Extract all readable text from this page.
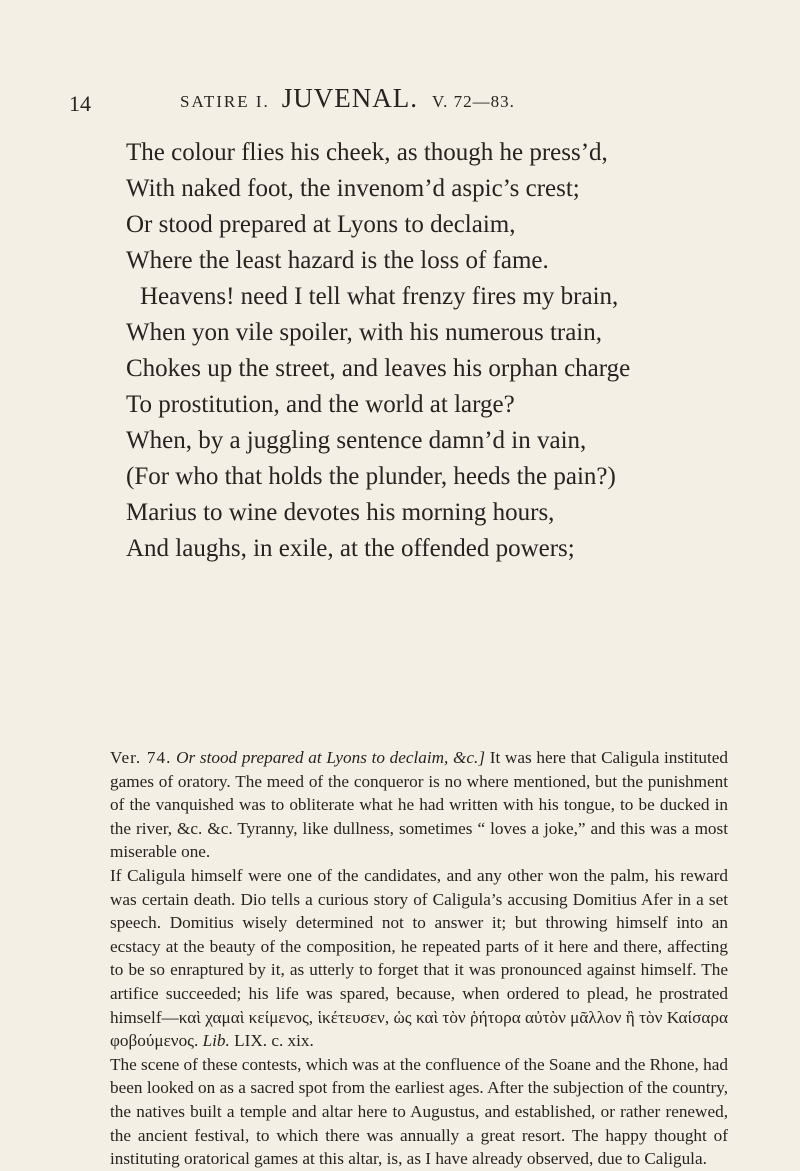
14	SATIRE I. JUVENAL. V. 72—83.
The colour flies his cheek, as though he press’d,
With naked foot, the invenom’d aspic’s crest;
Or stood prepared at Lyons to declaim,
Where the least hazard is the loss of fame.
Heavens! need I tell what frenzy fires my brain,
When yon vile spoiler, with his numerous train,
Chokes up the street, and leaves his orphan charge
To prostitution, and the world at large?
When, by a juggling sentence damn’d in vain,
(For who that holds the plunder, heeds the pain?)
Marius to wine devotes his morning hours,
And laughs, in exile, at the offended powers;

Ver. 74. Or stood prepared at Lyons to declaim, &c.] It was here that Caligula instituted games of oratory. The meed of the conqueror is no where mentioned, but the punishment of the vanquished was to obliterate what he had written with his tongue, to be ducked in the river, &c. &c. Tyranny, like dullness, sometimes “ loves a joke,” and this was a most miserable one.

If Caligula himself were one of the candidates, and any other won the palm, his reward was certain death. Dio tells a curious story of Caligula’s accusing Domitius Afer in a set speech. Domitius wisely determined not to answer it; but throwing himself into an ecstacy at the beauty of the composition, he repeated parts of it here and there, affecting to be so enraptured by it, as utterly to forget that it was pronounced against himself. The artifice succeeded; his life was spared, because, when ordered to plead, he prostrated himself—καὶ χαμαὶ κείμενος, ἱκέτευσεν, ὡς καὶ τὸν ῥήτορα αὐτὸν μᾶλλον ἢ τὸν Καίσαρα φοβούμενος. Lib. LIX. c. xix.

The scene of these contests, which was at the confluence of the Soane and the Rhone, had been looked on as a sacred spot from the earliest ages. After the subjection of the country, the natives built a temple and altar here to Augustus, and established, or rather renewed, the ancient festival, to which there was annually a great resort. The happy thought of instituting oratorical games at this altar, is, as I have already observed, due to Caligula.
